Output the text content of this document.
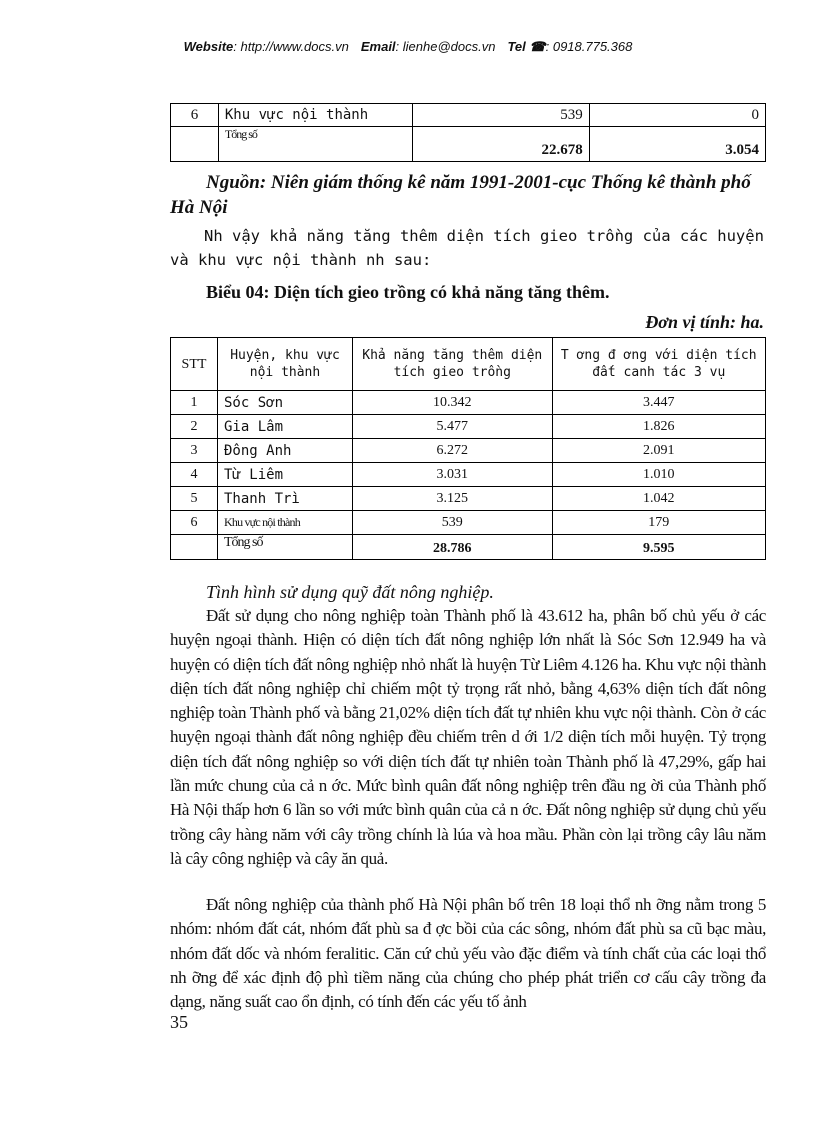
Website: http://www.docs.vn Email: lienhe@docs.vn Tel ☎: 0918.775.368
6	Khu vực nội thành	539	0
	Tổng số	22.678	3.054
Nguồn: Niên giám thống kê năm 1991-2001-cục Thống kê thành phố Hà Nội
Nh vậy khả năng tăng thêm diện tích gieo trồng của các huyện và khu vực nội thành nh sau:
Biểu 04: Diện tích gieo trồng có khả năng tăng thêm.
Đơn vị tính: ha.
STT	Huyện, khu vực nội thành	Khả năng tăng thêm diện tích gieo trồng	T ơng đ ơng với diện tích đất canh tác 3 vụ
1	Sóc Sơn	10.342	3.447
2	Gia Lâm	5.477	1.826
3	Đông Anh	6.272	2.091
4	Từ Liêm	3.031	1.010
5	Thanh Trì	3.125	1.042
6	Khu vực nội thành	539	179
	Tổng số	28.786	9.595
Tình hình sử dụng quỹ đất nông nghiệp.
Đất sử dụng cho nông nghiệp toàn Thành phố là 43.612 ha, phân bố chủ yếu ở các huyện ngoại thành. Hiện có diện tích đất nông nghiệp lớn nhất là Sóc Sơn 12.949 ha và huyện có diện tích đất nông nghiệp nhỏ nhất là huyện Từ Liêm 4.126 ha. Khu vực nội thành diện tích đất nông nghiệp chỉ chiếm một tỷ trọng rất nhỏ, bằng 4,63% diện tích đất nông nghiệp toàn Thành phố và bằng 21,02% diện tích đất tự nhiên khu vực nội thành. Còn ở các huyện ngoại thành đất nông nghiệp đều chiếm trên d ới 1/2 diện tích mỗi huyện. Tỷ trọng diện tích đất nông nghiệp so với diện tích đất tự nhiên toàn Thành phố là 47,29%, gấp hai lần mức chung của cả n ớc. Mức bình quân đất nông nghiệp trên đầu ng ời của Thành phố Hà Nội thấp hơn 6 lần so với mức bình quân của cả n ớc. Đất nông nghiệp sử dụng chủ yếu trồng cây hàng năm với cây trồng chính là lúa và hoa mầu. Phần còn lại trồng cây lâu năm là cây công nghiệp và cây ăn quả.
Đất nông nghiệp của thành phố Hà Nội phân bố trên 18 loại thổ nh ỡng nằm trong 5 nhóm: nhóm đất cát, nhóm đất phù sa đ ợc bồi của các sông, nhóm đất phù sa cũ bạc màu, nhóm đất dốc và nhóm feralitic. Căn cứ chủ yếu vào đặc điểm và tính chất của các loại thổ nh ỡng để xác định độ phì tiềm năng của chúng cho phép phát triển cơ cấu cây trồng đa dạng, năng suất cao ổn định, có tính đến các yếu tố ảnh
35
